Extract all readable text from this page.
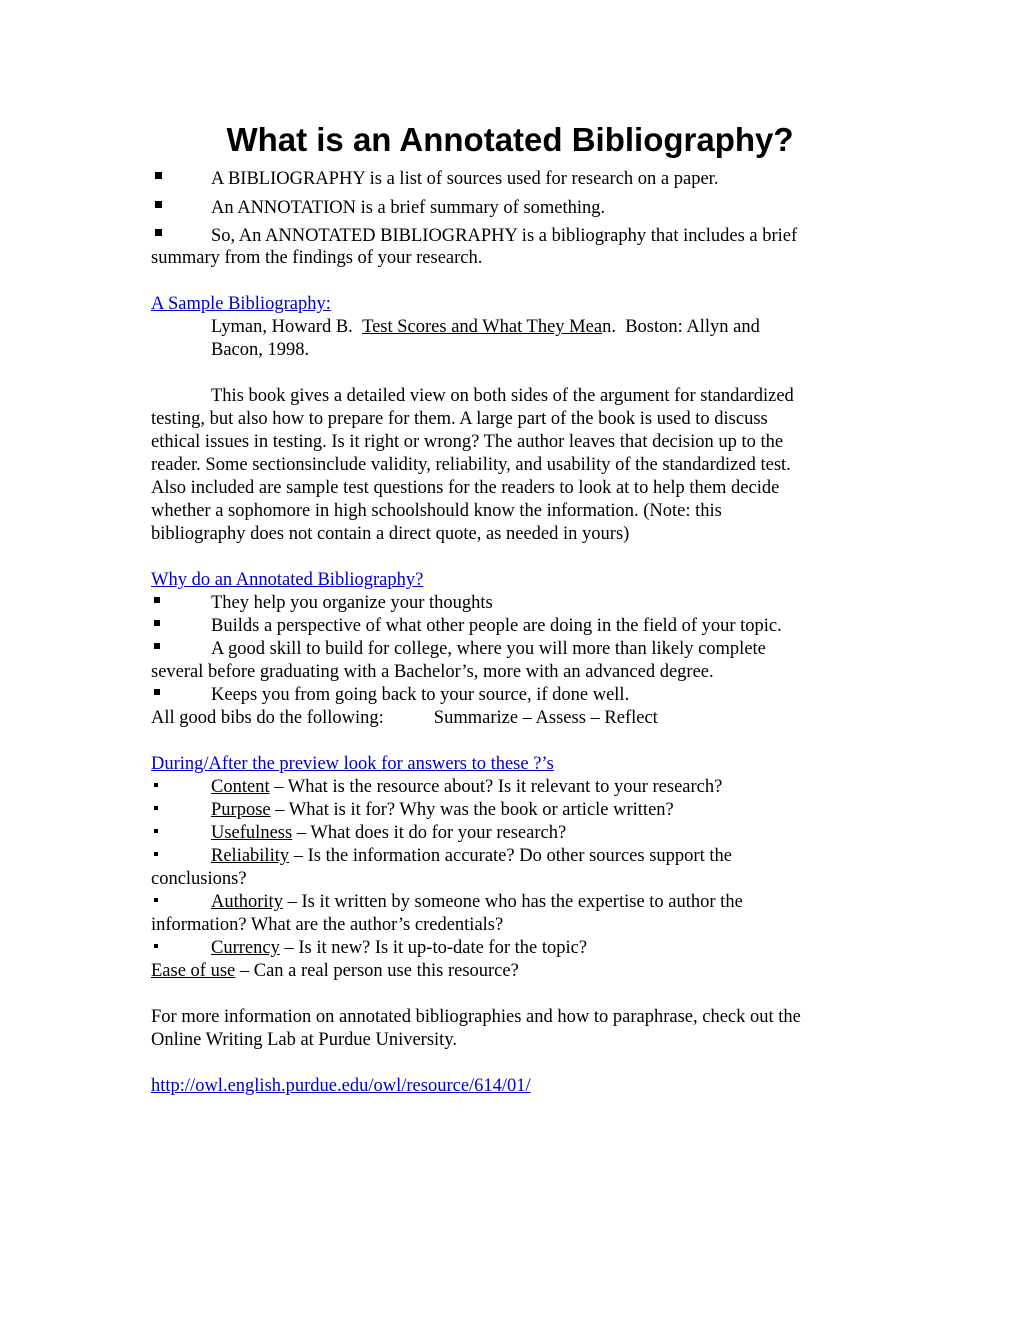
What is an Annotated Bibliography?
A BIBLIOGRAPHY is a list of sources used for research on a paper.
An ANNOTATION is a brief summary of something.
So, An ANNOTATED BIBLIOGRAPHY is a bibliography that includes a brief
summary from the findings of your research.
A Sample Bibliography:
Lyman, Howard B. Test Scores and What They Mean. Boston: Allyn and
Bacon, 1998.
This book gives a detailed view on both sides of the argument for standardized
testing, but also how to prepare for them. A large part of the book is used to discuss
ethical issues in testing. Is it right or wrong? The author leaves that decision up to the
reader. Some sectionsinclude validity, reliability, and usability of the standardized test.
Also included are sample test questions for the readers to look at to help them decide
whether a sophomore in high schoolshould know the information. (Note: this
bibliography does not contain a direct quote, as needed in yours)
Why do an Annotated Bibliography?
They help you organize your thoughts
Builds a perspective of what other people are doing in the field of your topic.
A good skill to build for college, where you will more than likely complete
several before graduating with a Bachelor’s, more with an advanced degree.
Keeps you from going back to your source, if done well.
All good bibs do the following:	Summarize – Assess – Reflect
During/After the preview look for answers to these ?’s
Content – What is the resource about? Is it relevant to your research?
Purpose – What is it for? Why was the book or article written?
Usefulness – What does it do for your research?
Reliability – Is the information accurate? Do other sources support the
conclusions?
Authority – Is it written by someone who has the expertise to author the
information? What are the author’s credentials?
Currency – Is it new? Is it up-to-date for the topic?
Ease of use – Can a real person use this resource?
For more information on annotated bibliographies and how to paraphrase, check out the
Online Writing Lab at Purdue University.
http://owl.english.purdue.edu/owl/resource/614/01/
